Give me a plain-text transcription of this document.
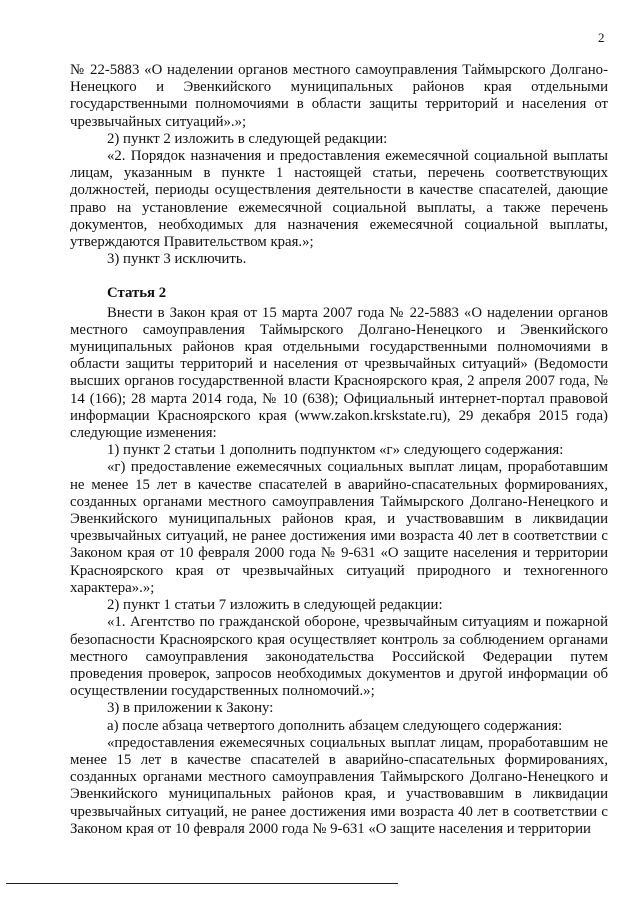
2

№ 22-5883 «О наделении органов местного самоуправления Таймырского Долгано-Ненецкого и Эвенкийского муниципальных районов края отдельными государственными полномочиями в области защиты территорий и населения от чрезвычайных ситуаций».»;

2) пункт 2 изложить в следующей редакции:

«2. Порядок назначения и предоставления ежемесячной социальной выплаты лицам, указанным в пункте 1 настоящей статьи, перечень соответствующих должностей, периоды осуществления деятельности в качестве спасателей, дающие право на установление ежемесячной социальной выплаты, а также перечень документов, необходимых для назначения ежемесячной социальной выплаты, утверждаются Правительством края.»;

3) пункт 3 исключить.

Статья 2

Внести в Закон края от 15 марта 2007 года № 22-5883 «О наделении органов местного самоуправления Таймырского Долгано-Ненецкого и Эвенкийского муниципальных районов края отдельными государственными полномочиями в области защиты территорий и населения от чрезвычайных ситуаций» (Ведомости высших органов государственной власти Красноярского края, 2 апреля 2007 года, № 14 (166); 28 марта 2014 года, № 10 (638); Официальный интернет-портал правовой информации Красноярского края (www.zakon.krskstate.ru), 29 декабря 2015 года) следующие изменения:

1) пункт 2 статьи 1 дополнить подпунктом «г» следующего содержания:

«г) предоставление ежемесячных социальных выплат лицам, проработавшим не менее 15 лет в качестве спасателей в аварийно-спасательных формированиях, созданных органами местного самоуправления Таймырского Долгано-Ненецкого и Эвенкийского муниципальных районов края, и участвовавшим в ликвидации чрезвычайных ситуаций, не ранее достижения ими возраста 40 лет в соответствии с Законом края от 10 февраля 2000 года № 9-631 «О защите населения и территории Красноярского края от чрезвычайных ситуаций природного и техногенного характера».»;

2) пункт 1 статьи 7 изложить в следующей редакции:

«1. Агентство по гражданской обороне, чрезвычайным ситуациям и пожарной безопасности Красноярского края осуществляет контроль за соблюдением органами местного самоуправления законодательства Российской Федерации путем проведения проверок, запросов необходимых документов и другой информации об осуществлении государственных полномочий.»;

3) в приложении к Закону:

а) после абзаца четвертого дополнить абзацем следующего содержания:

«предоставления ежемесячных социальных выплат лицам, проработавшим не менее 15 лет в качестве спасателей в аварийно-спасательных формированиях, созданных органами местного самоуправления Таймырского Долгано-Ненецкого и Эвенкийского муниципальных районов края, и участвовавшим в ликвидации чрезвычайных ситуаций, не ранее достижения ими возраста 40 лет в соответствии с Законом края от 10 февраля 2000 года № 9-631 «О защите населения и территории
